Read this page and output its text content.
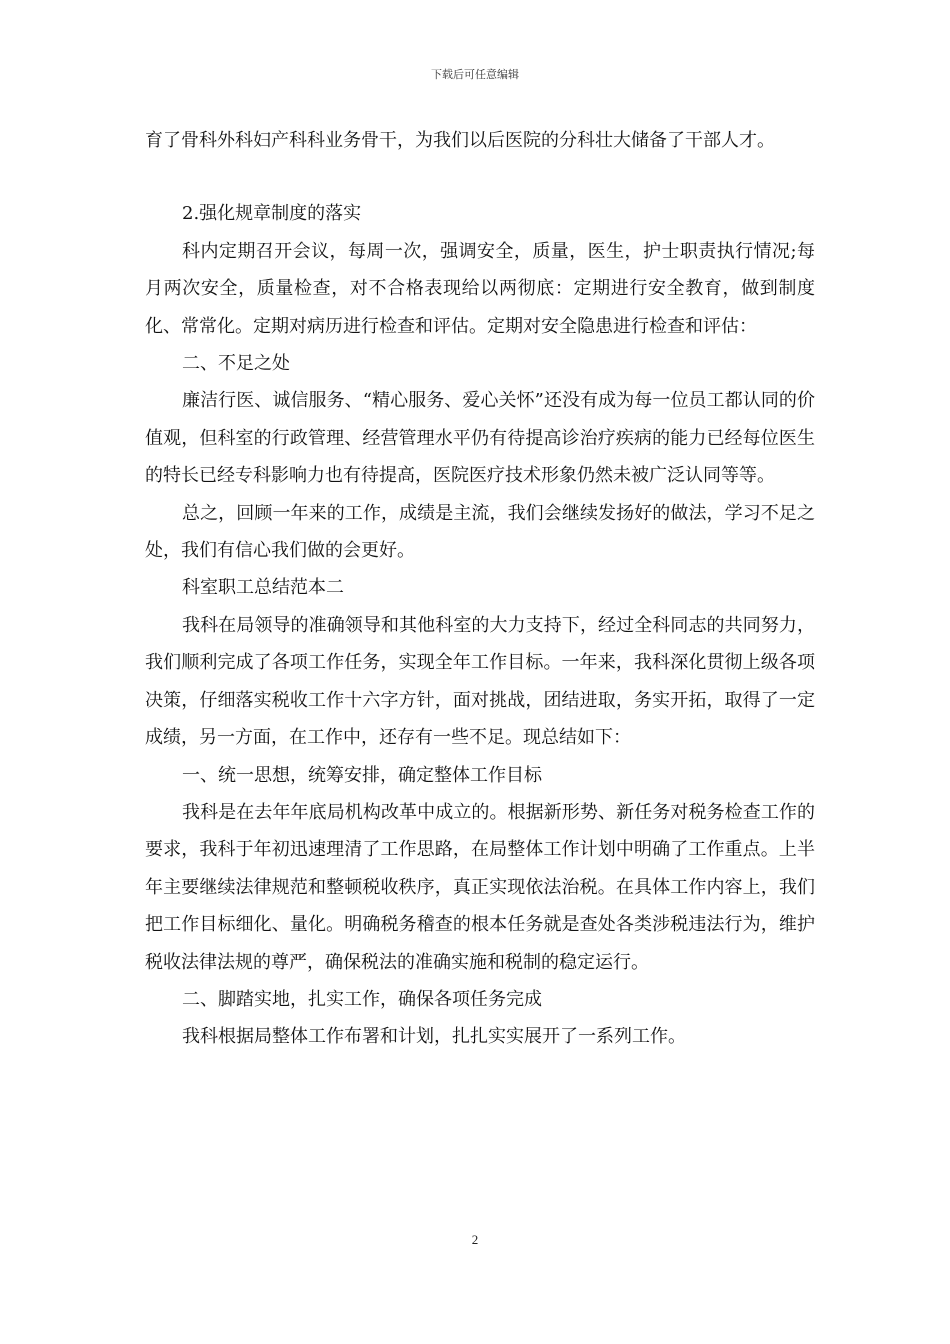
下载后可任意编辑

育了骨科外科妇产科科业务骨干，为我们以后医院的分科壮大储备了干部人才。

2.强化规章制度的落实

科内定期召开会议，每周一次，强调安全，质量，医生，护士职责执行情况;每月两次安全，质量检查，对不合格表现给以两彻底：定期进行安全教育，做到制度化、常常化。定期对病历进行检查和评估。定期对安全隐患进行检查和评估：

二、不足之处

廉洁行医、诚信服务、“精心服务、爱心关怀”还没有成为每一位员工都认同的价值观，但科室的行政管理、经营管理水平仍有待提高诊治疗疾病的能力已经每位医生的特长已经专科影响力也有待提高，医院医疗技术形象仍然未被广泛认同等等。

总之，回顾一年来的工作，成绩是主流，我们会继续发扬好的做法，学习不足之处，我们有信心我们做的会更好。

科室职工总结范本二

我科在局领导的准确领导和其他科室的大力支持下，经过全科同志的共同努力，我们顺利完成了各项工作任务，实现全年工作目标。一年来，我科深化贯彻上级各项决策，仔细落实税收工作十六字方针，面对挑战，团结进取，务实开拓，取得了一定成绩，另一方面，在工作中，还存有一些不足。现总结如下：

一、统一思想，统筹安排，确定整体工作目标

我科是在去年年底局机构改革中成立的。根据新形势、新任务对税务检查工作的要求，我科于年初迅速理清了工作思路，在局整体工作计划中明确了工作重点。上半年主要继续法律规范和整顿税收秩序，真正实现依法治税。在具体工作内容上，我们把工作目标细化、量化。明确税务稽查的根本任务就是查处各类涉税违法行为，维护税收法律法规的尊严，确保税法的准确实施和税制的稳定运行。

二、脚踏实地，扎实工作，确保各项任务完成

我科根据局整体工作布署和计划，扎扎实实展开了一系列工作。

2
